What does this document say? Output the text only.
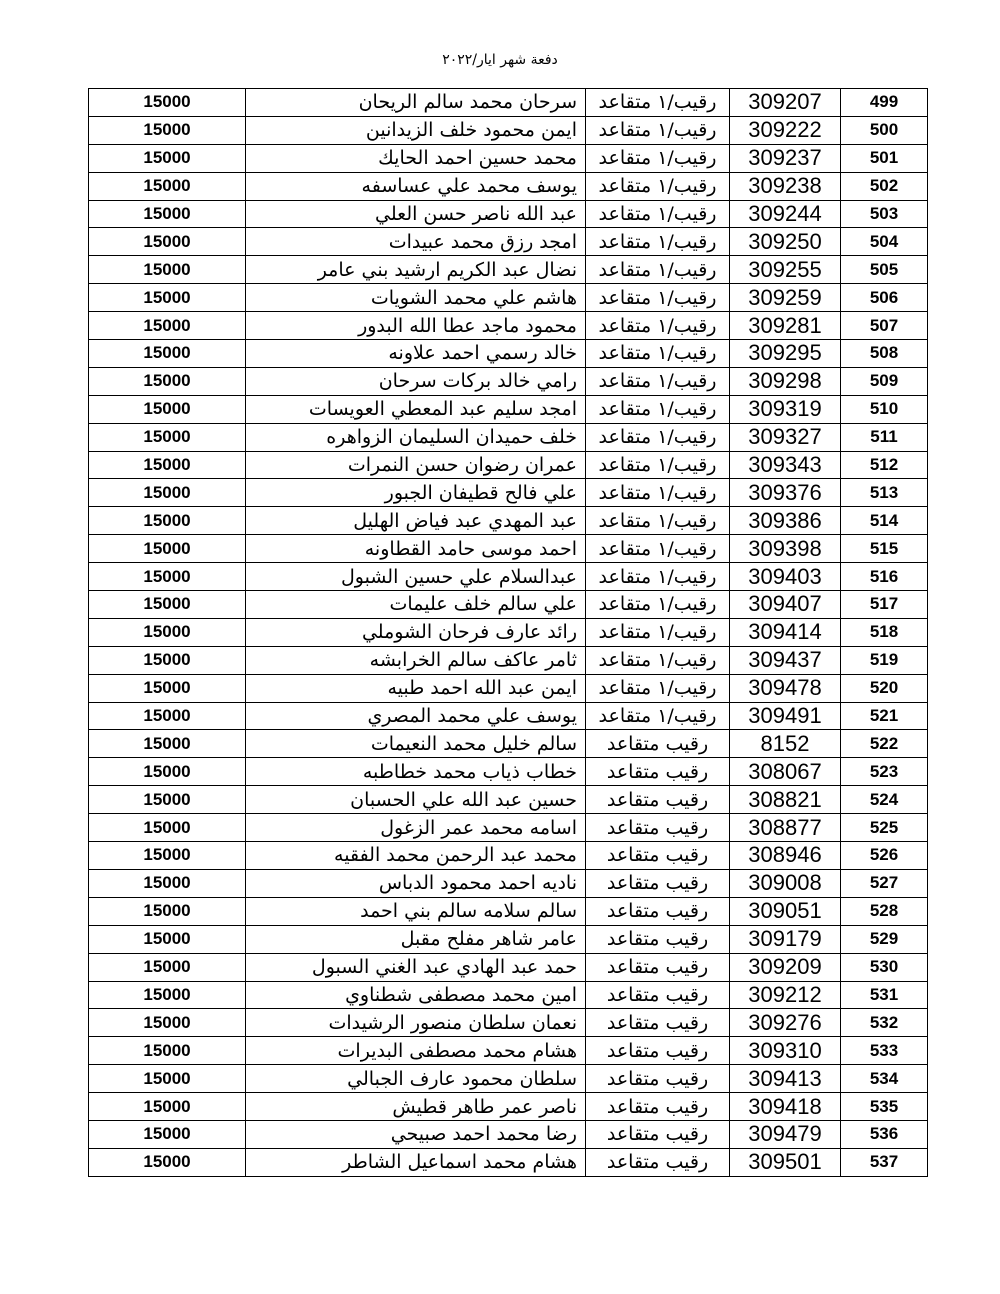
دفعة شهر ايار/٢٠٢٢
15000	سرحان محمد سالم الريحان	رقيب/١ متقاعد	309207	499
15000	ايمن محمود خلف الزيدانين	رقيب/١ متقاعد	309222	500
15000	محمد حسين احمد الحايك	رقيب/١ متقاعد	309237	501
15000	يوسف محمد علي عساسفه	رقيب/١ متقاعد	309238	502
15000	عبد الله ناصر حسن العلي	رقيب/١ متقاعد	309244	503
15000	امجد رزق محمد عبيدات	رقيب/١ متقاعد	309250	504
15000	نضال عبد الكريم ارشيد بني عامر	رقيب/١ متقاعد	309255	505
15000	هاشم علي محمد الشويات	رقيب/١ متقاعد	309259	506
15000	محمود ماجد عطا الله البدور	رقيب/١ متقاعد	309281	507
15000	خالد رسمي احمد علاونه	رقيب/١ متقاعد	309295	508
15000	رامي خالد بركات سرحان	رقيب/١ متقاعد	309298	509
15000	امجد سليم عبد المعطي العويسات	رقيب/١ متقاعد	309319	510
15000	خلف حميدان السليمان الزواهره	رقيب/١ متقاعد	309327	511
15000	عمران رضوان حسن النمرات	رقيب/١ متقاعد	309343	512
15000	علي فالح قطيفان الجبور	رقيب/١ متقاعد	309376	513
15000	عبد المهدي عبد فياض الهليل	رقيب/١ متقاعد	309386	514
15000	احمد موسى حامد القطاونه	رقيب/١ متقاعد	309398	515
15000	عبدالسلام علي حسين الشبول	رقيب/١ متقاعد	309403	516
15000	علي سالم خلف عليمات	رقيب/١ متقاعد	309407	517
15000	رائد عارف فرحان الشوملي	رقيب/١ متقاعد	309414	518
15000	ثامر عاكف سالم الخرابشه	رقيب/١ متقاعد	309437	519
15000	ايمن عبد الله احمد طبيه	رقيب/١ متقاعد	309478	520
15000	يوسف علي محمد المصري	رقيب/١ متقاعد	309491	521
15000	سالم خليل محمد النعيمات	رقيب متقاعد	8152	522
15000	خطاب ذياب محمد خطاطبه	رقيب متقاعد	308067	523
15000	حسين عبد الله علي الحسبان	رقيب متقاعد	308821	524
15000	اسامه محمد عمر الزغول	رقيب متقاعد	308877	525
15000	محمد عبد الرحمن محمد الفقيه	رقيب متقاعد	308946	526
15000	ناديه احمد محمود الدباس	رقيب متقاعد	309008	527
15000	سالم سلامه سالم بني احمد	رقيب متقاعد	309051	528
15000	عامر شاهر مفلح مقبل	رقيب متقاعد	309179	529
15000	حمد عبد الهادي عبد الغني السبول	رقيب متقاعد	309209	530
15000	امين محمد مصطفى شطناوي	رقيب متقاعد	309212	531
15000	نعمان سلطان منصور الرشيدات	رقيب متقاعد	309276	532
15000	هشام محمد مصطفى البديرات	رقيب متقاعد	309310	533
15000	سلطان محمود عارف الجبالي	رقيب متقاعد	309413	534
15000	ناصر عمر طاهر قطيش	رقيب متقاعد	309418	535
15000	رضا محمد احمد صبيحي	رقيب متقاعد	309479	536
15000	هشام محمد اسماعيل الشاطر	رقيب متقاعد	309501	537
